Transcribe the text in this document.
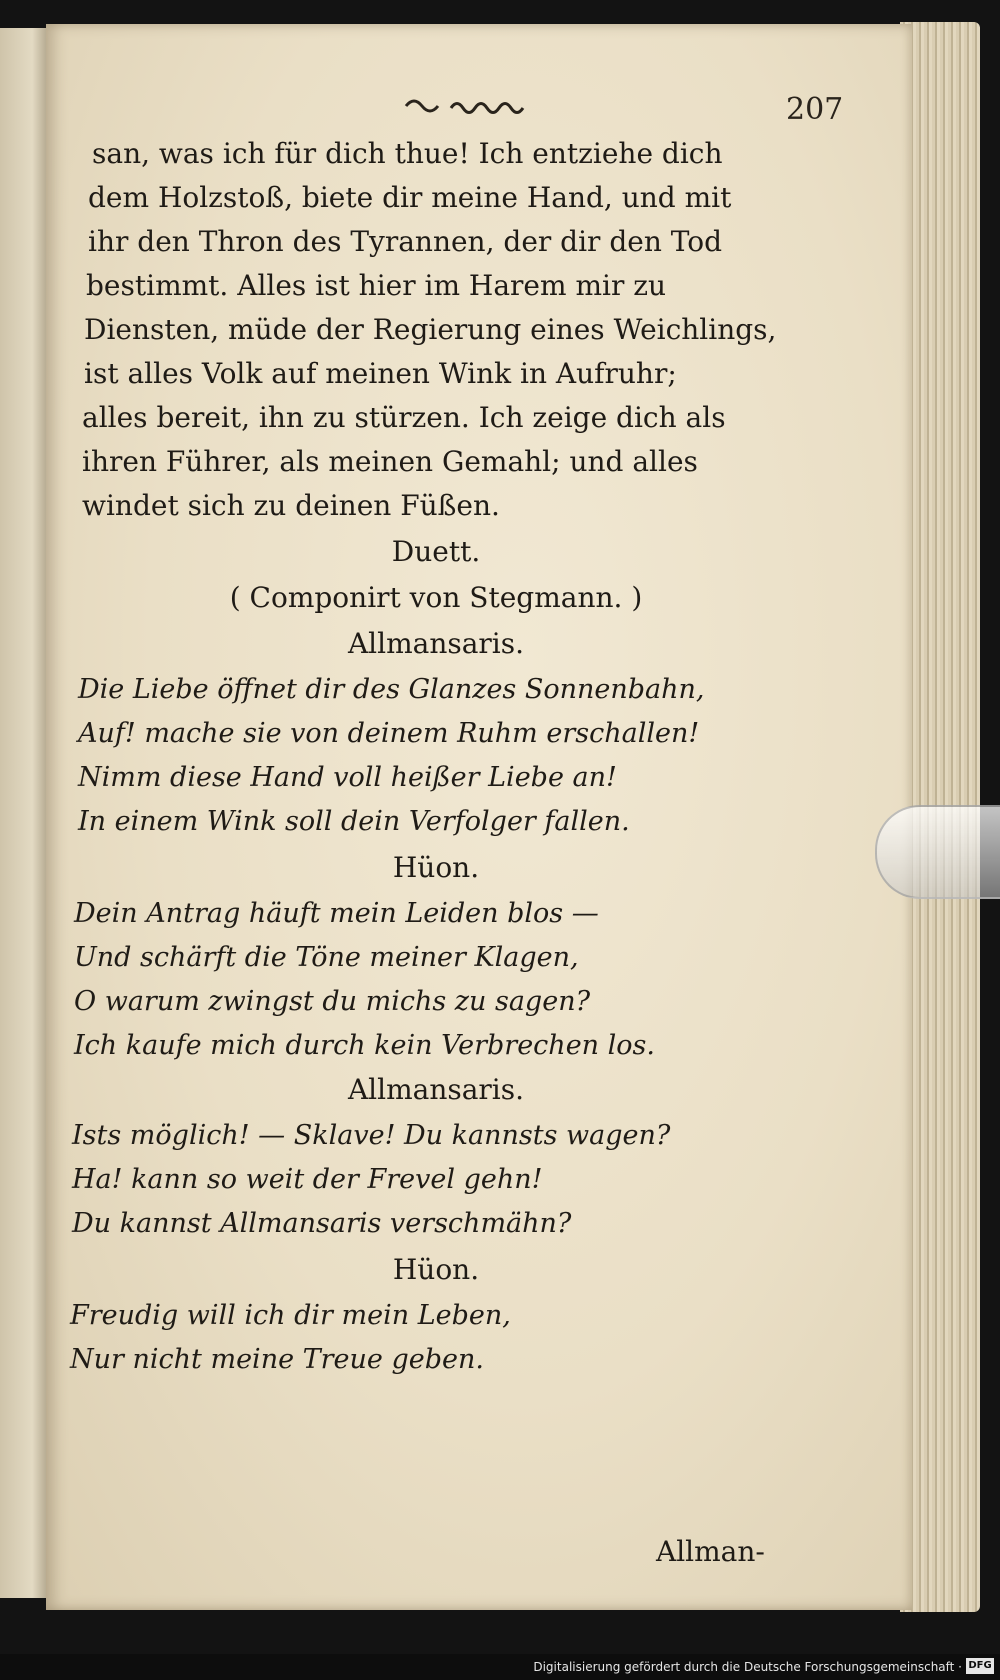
207
san, was ich für dich thue! Ich entziehe dich
dem Holzstoß, biete dir meine Hand, und mit
ihr den Thron des Tyrannen, der dir den Tod
bestimmt. Alles ist hier im Harem mir zu
Diensten, müde der Regierung eines Weichlings,
ist alles Volk auf meinen Wink in Aufruhr;
alles bereit, ihn zu stürzen. Ich zeige dich als
ihren Führer, als meinen Gemahl; und alles
windet sich zu deinen Füßen.
Duett.
( Componirt von Stegmann. )
Allmansaris.
Die Liebe öffnet dir des Glanzes Sonnenbahn,
Auf! mache sie von deinem Ruhm erschallen!
Nimm diese Hand voll heißer Liebe an!
In einem Wink soll dein Verfolger fallen.
Hüon.
Dein Antrag häuft mein Leiden blos —
Und schärft die Töne meiner Klagen,
O warum zwingst du michs zu sagen?
Ich kaufe mich durch kein Verbrechen los.
Allmansaris.
Ists möglich! — Sklave! Du kannsts wagen?
Ha! kann so weit der Frevel gehn!
Du kannst Allmansaris verschmähn?
Hüon.
Freudig will ich dir mein Leben,
Nur nicht meine Treue geben.
Allman-
Digitalisierung gefördert durch die Deutsche Forschungsgemeinschaft · DFG
